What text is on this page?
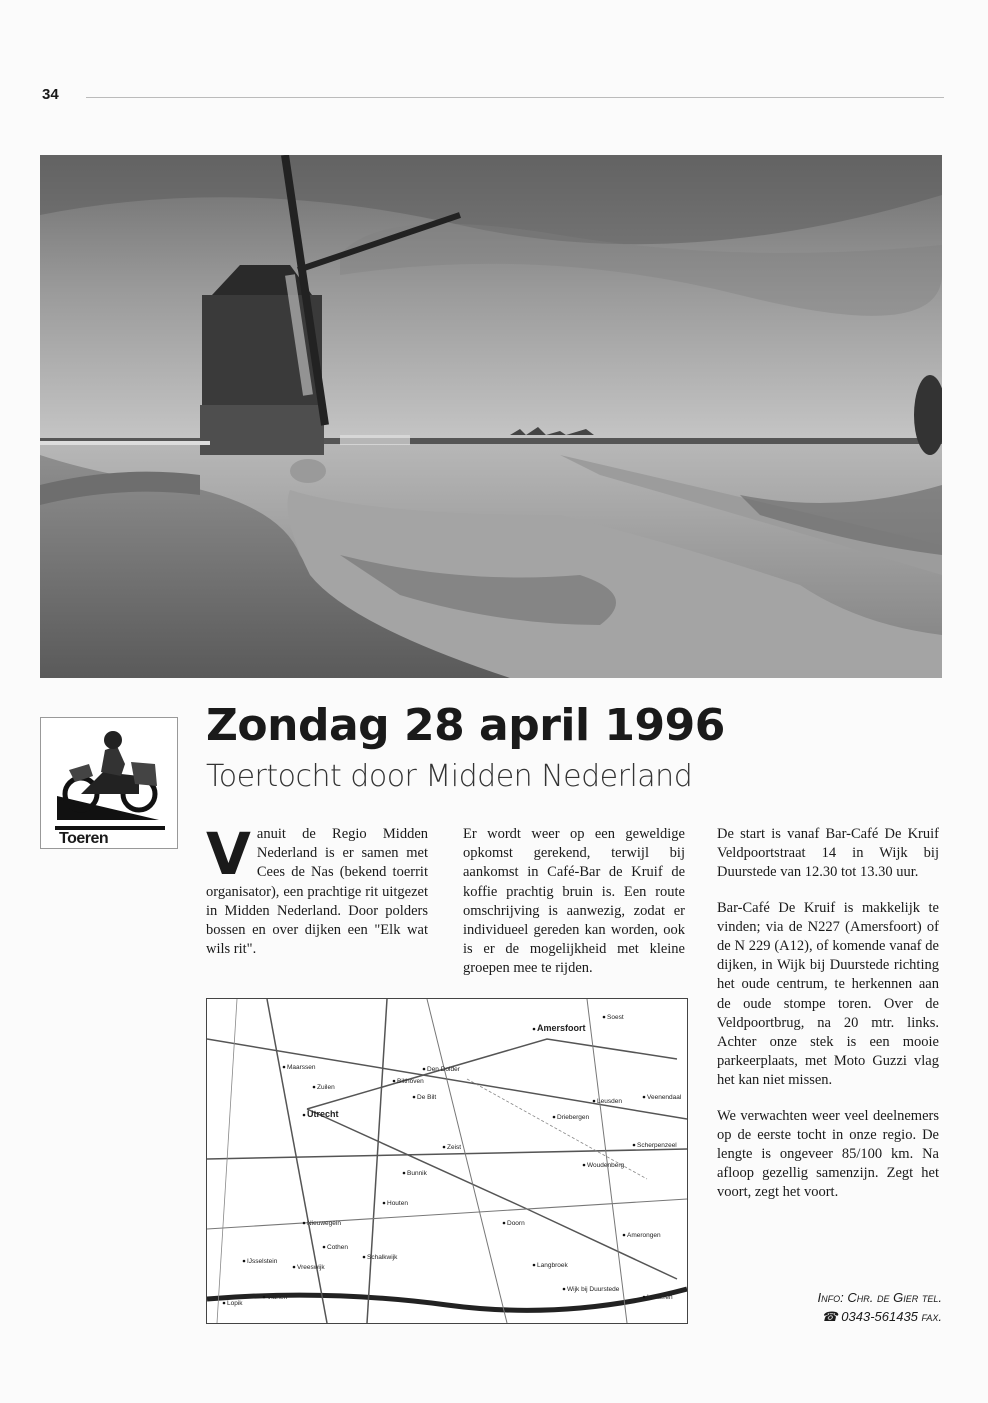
34
Toeren
Zondag 28 april 1996
Toertocht door Midden Nederland
V anuit de Regio Midden Nederland is er samen met Cees de Nas (bekend toerrit organisator), een prachtige rit uitgezet in Midden Nederland. Door polders bossen en over dijken een "Elk wat wils rit".

Er wordt weer op een geweldige opkomst gerekend, terwijl bij aankomst in Café-Bar de Kruif de koffie prachtig bruin is. Een route omschrijving is aanwezig, zodat er individueel gereden kan worden, ook is er de mogelijkheid met kleine groepen mee te rijden.

De start is vanaf Bar-Café De Kruif Veldpoortstraat 14 in Wijk bij Duurstede van 12.30 tot 13.30 uur.

Bar-Café De Kruif is makkelijk te vinden; via de N227 (Amersfoort) of de N 229 (A12), of komende vanaf de dijken, in Wijk bij Duurstede richting het oude centrum, te herkennen aan de oude stompe toren. Over de Veldpoortbrug, na 20 mtr. links. Achter onze stek is een mooie parkeerplaats, met Moto Guzzi vlag het kan niet missen.

We verwachten weer veel deelnemers op de eerste tocht in onze regio. De lengte is ongeveer 85/100 km. Na afloop gezellig samenzijn. Zegt het voort, zegt het voort.

Utrecht
Amersfoort
Zeist
Bunnik
Houten
Nieuwegein
Vianen
Doorn
Leusden
Woudenberg
Driebergen
Maarssen
Soest
Langbroek
Wijk bij Duurstede
IJsselstein
De Bilt
Den Dolder
Bilthoven
Scherpenzeel
Cothen
Schalkwijk
Amerongen
Veenendaal
Lopik
Vreeswijk
Lunteren
Zuilen
Info: Chr. de Gier tel.
☎ 0343-561435 fax.
